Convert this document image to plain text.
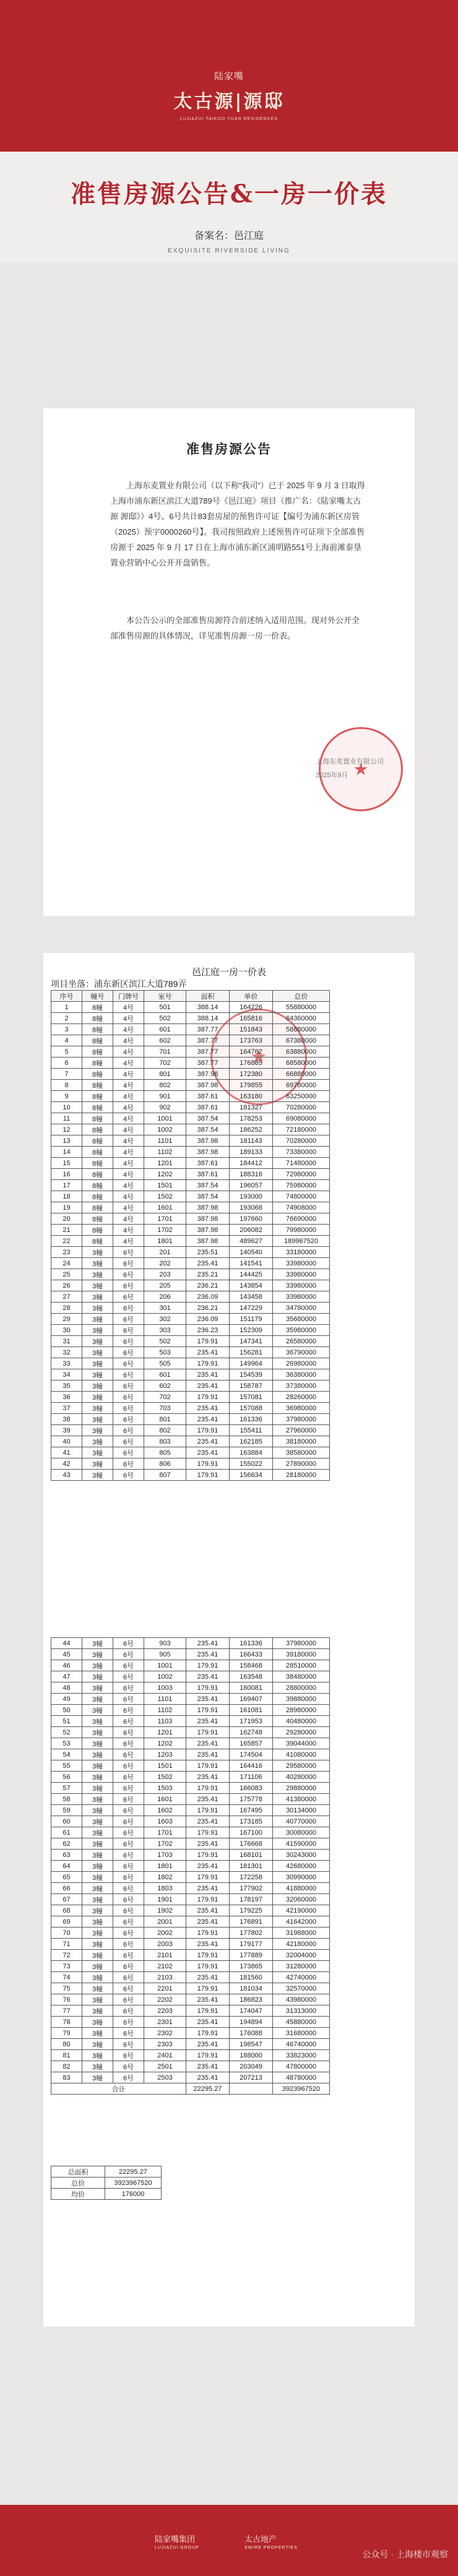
陆家嘴
太古源|源邸
LUJIAZUI TAIKOO YUAN RESIDENCES
准售房源公告&一房一价表
备案名：邑江庭
EXQUISITE RIVERSIDE LIVING
准售房源公告
上海东麦置业有限公司（以下称“我司”）已于 2025 年 9 月 3 日取得上海市浦东新区滨江大道789号《邑江庭》项目（推广名：《陆家嘴太古源 源邸》）4号、6号共计83套房屋的预售许可证【编号为浦东新区房管（2025）预字0000260号】。我司按照政府上述预售许可证项下全部准售房源于 2025 年 9 月 17 日在上海市浦东新区浦明路551号上海前滩泰垦置业营销中心公开开盘销售。
本公告公示的全部准售房源符合前述纳入适用范围。现对外公开全部准售房源的具体情况，详见准售房源一房一价表。
★
上海东麦置业有限公司
2025年9月
邑江庭一房一价表
项目坐落：浦东新区滨江大道789弄
★
序号	幢号	门牌号	室号	面积	单价	总价
1	8幢	4号	501	388.14	164226	55880000
2	8幢	4号	502	388.14	165816	64360000
3	8幢	4号	601	387.77	151843	58880000
4	8幢	4号	602	387.77	173763	67380000
5	8幢	4号	701	387.77	164762	63880000
6	8幢	4号	702	387.77	176885	68580000
7	8幢	4号	801	387.98	172380	66880000
8	8幢	4号	802	387.98	179855	69780000
9	8幢	4号	901	387.61	163180	63250000
10	8幢	4号	902	387.61	181327	70280000
11	8幢	4号	1001	387.54	178253	69080000
12	8幢	4号	1002	387.54	186252	72180000
13	8幢	4号	1101	387.98	181143	70280000
14	8幢	4号	1102	387.98	189133	73380000
15	8幢	4号	1201	387.61	184412	71480000
16	8幢	4号	1202	387.61	188316	72980000
17	8幢	4号	1501	387.54	196057	75980000
18	8幢	4号	1502	387.54	193000	74800000
19	8幢	4号	1601	387.98	193068	74908000
20	8幢	4号	1701	387.98	197660	76690000
21	8幢	4号	1702	387.98	206082	79980000
22	8幢	4号	1801	387.98	489627	189967520
23	3幢	6号	201	235.51	140540	33180000
24	3幢	6号	202	235.41	141541	33980000
25	3幢	6号	203	235.21	144425	33980000
26	3幢	6号	205	236.21	143854	33980000
27	3幢	6号	206	236.09	143458	33980000
28	3幢	6号	301	236.21	147229	34780000
29	3幢	6号	302	236.09	151179	35680000
30	3幢	6号	303	236.23	152309	35980000
31	3幢	6号	502	179.91	147341	26580000
32	3幢	6号	503	235.41	156281	36790000
33	3幢	6号	505	179.91	149964	26980000
34	3幢	6号	601	235.41	154539	36380000
35	3幢	6号	602	235.41	158787	37380000
36	3幢	6号	702	179.91	157081	28260000
37	3幢	6号	703	235.41	157088	36980000
38	3幢	6号	801	235.41	161336	37980000
39	3幢	6号	802	179.91	155411	27960000
40	3幢	6号	803	235.41	162185	38180000
41	3幢	6号	805	235.41	163884	38580000
42	3幢	6号	806	179.91	155022	27890000
43	3幢	6号	807	179.91	156634	28180000
44	3幢	6号	903	235.41	161336	37980000
45	3幢	6号	905	235.41	166433	39180000
46	3幢	6号	1001	179.91	158468	28510000
47	3幢	6号	1002	235.41	163548	38480000
48	3幢	6号	1003	179.91	160081	28800000
49	3幢	6号	1101	235.41	169407	39880000
50	3幢	6号	1102	179.91	161081	28980000
51	3幢	6号	1103	235.41	171953	40480000
52	3幢	6号	1201	179.91	162748	29280000
53	3幢	6号	1202	235.41	165857	39044000
54	3幢	6号	1203	235.41	174504	41080000
55	3幢	6号	1501	179.91	164416	29580000
56	3幢	6号	1502	235.41	171106	40280000
57	3幢	6号	1503	179.91	166083	29880000
58	3幢	6号	1601	235.41	175778	41380000
59	3幢	6号	1602	179.91	167495	30134000
60	3幢	6号	1603	235.41	173185	40770000
61	3幢	6号	1701	179.91	167100	30080000
62	3幢	6号	1702	235.41	176668	41590000
63	3幢	6号	1703	179.91	168101	30243000
64	3幢	6号	1801	235.41	181301	42680000
65	3幢	6号	1802	179.91	172258	30990000
66	3幢	6号	1803	235.41	177902	41880000
67	3幢	6号	1901	179.91	178197	32060000
68	3幢	6号	1902	235.41	179225	42190000
69	3幢	6号	2001	235.41	176891	41642000
70	3幢	6号	2002	179.91	177802	31988000
71	3幢	6号	2003	235.41	179177	42180000
72	3幢	6号	2101	179.91	177889	32004000
73	3幢	6号	2102	179.91	173865	31280000
74	3幢	6号	2103	235.41	181560	42740000
75	3幢	6号	2201	179.91	181034	32570000
76	3幢	6号	2202	235.41	186823	43980000
77	3幢	6号	2203	179.91	174047	31313000
78	3幢	6号	2301	235.41	194894	45880000
79	3幢	6号	2302	179.91	176088	31680000
80	3幢	6号	2303	235.41	198547	46740000
81	3幢	6号	2401	179.91	188000	33823000
82	3幢	6号	2501	235.41	203049	47800000
83	3幢	6号	2503	235.41	207213	48780000
合计				22295.27		3923967520
总面积	22295.27
总价	3923967520
均价	176000
陆家嘴集团
LUJIAZUI GROUP
太古地产
SWIRE PROPERTIES
公众号 · 上海楼市观察
